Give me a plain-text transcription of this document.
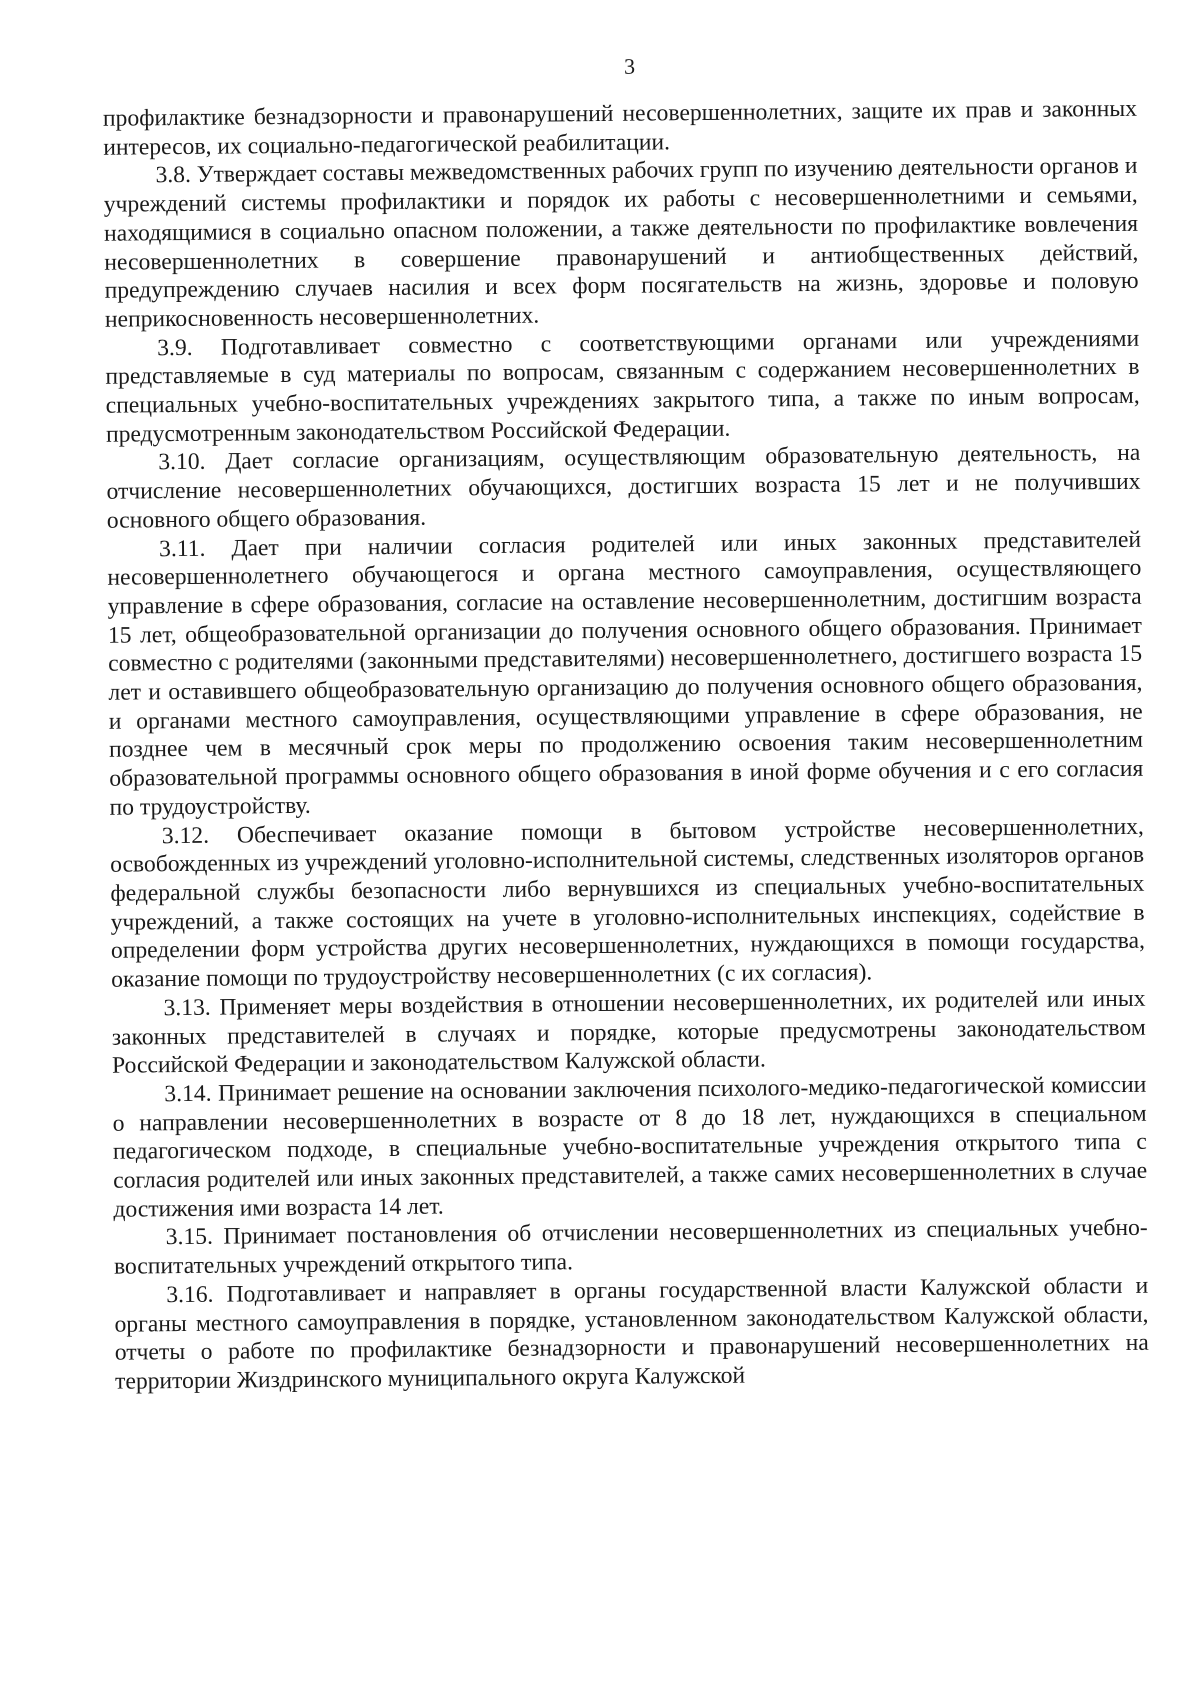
3

профилактике безнадзорности и правонарушений несовершеннолетних, защите их прав и законных интересов, их социально-педагогической реабилитации.

3.8. Утверждает составы межведомственных рабочих групп по изучению деятельности органов и учреждений системы профилактики и порядок их работы с несовершеннолетними и семьями, находящимися в социально опасном положении, а также деятельности по профилактике вовлечения несовершеннолетних в совершение правонарушений и антиобщественных действий, предупреждению случаев насилия и всех форм посягательств на жизнь, здоровье и половую неприкосновенность несовершеннолетних.

3.9. Подготавливает совместно с соответствующими органами или учреждениями представляемые в суд материалы по вопросам, связанным с содержанием несовершеннолетних в специальных учебно-воспитательных учреждениях закрытого типа, а также по иным вопросам, предусмотренным законодательством Российской Федерации.

3.10. Дает согласие организациям, осуществляющим образовательную деятельность, на отчисление несовершеннолетних обучающихся, достигших возраста 15 лет и не получивших основного общего образования.

3.11. Дает при наличии согласия родителей или иных законных представителей несовершеннолетнего обучающегося и органа местного самоуправления, осуществляющего управление в сфере образования, согласие на оставление несовершеннолетним, достигшим возраста 15 лет, общеобразовательной организации до получения основного общего образования. Принимает совместно с родителями (законными представителями) несовершеннолетнего, достигшего возраста 15 лет и оставившего общеобразовательную организацию до получения основного общего образования, и органами местного самоуправления, осуществляющими управление в сфере образования, не позднее чем в месячный срок меры по продолжению освоения таким несовершеннолетним образовательной программы основного общего образования в иной форме обучения и с его согласия по трудоустройству.

3.12. Обеспечивает оказание помощи в бытовом устройстве несовершеннолетних, освобожденных из учреждений уголовно-исполнительной системы, следственных изоляторов органов федеральной службы безопасности либо вернувшихся из специальных учебно-воспитательных учреждений, а также состоящих на учете в уголовно-исполнительных инспекциях, содействие в определении форм устройства других несовершеннолетних, нуждающихся в помощи государства, оказание помощи по трудоустройству несовершеннолетних (с их согласия).

3.13. Применяет меры воздействия в отношении несовершеннолетних, их родителей или иных законных представителей в случаях и порядке, которые предусмотрены законодательством Российской Федерации и законодательством Калужской области.

3.14. Принимает решение на основании заключения психолого-медико-педагогической комиссии о направлении несовершеннолетних в возрасте от 8 до 18 лет, нуждающихся в специальном педагогическом подходе, в специальные учебно-воспитательные учреждения открытого типа с согласия родителей или иных законных представителей, а также самих несовершеннолетних в случае достижения ими возраста 14 лет.

3.15. Принимает постановления об отчислении несовершеннолетних из специальных учебно-воспитательных учреждений открытого типа.

3.16. Подготавливает и направляет в органы государственной власти Калужской области и органы местного самоуправления в порядке, установленном законодательством Калужской области, отчеты о работе по профилактике безнадзорности и правонарушений несовершеннолетних на территории Жиздринского муниципального округа Калужской
